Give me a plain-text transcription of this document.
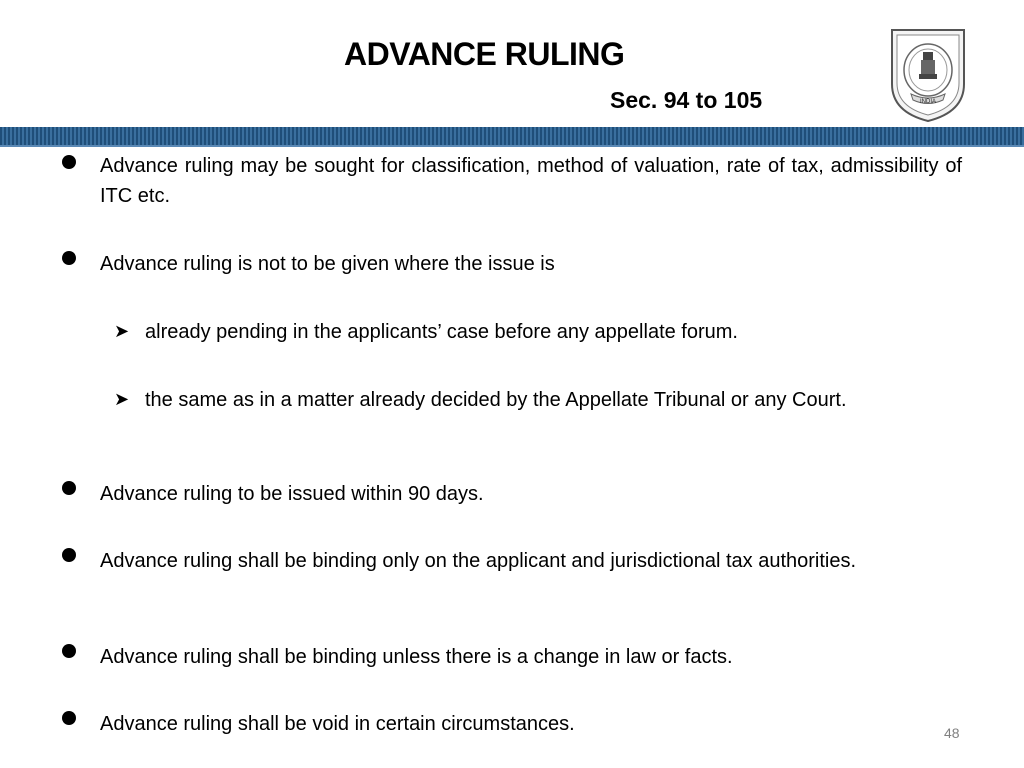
ADVANCE RULING
Sec. 94 to 105	INDIA
Advance ruling may be sought for classification, method of valuation, rate of tax, admissibility of ITC etc.
Advance ruling is not to be given where the issue is
➤ already pending in the applicants’ case before any appellate forum.
➤ the same as in a matter already decided by the Appellate Tribunal or any Court.
Advance ruling to be issued within 90 days.
Advance ruling shall be binding only on the applicant and jurisdictional tax authorities.
Advance ruling shall be binding unless there is a change in law or facts.
Advance ruling shall be void in certain circumstances.	48
